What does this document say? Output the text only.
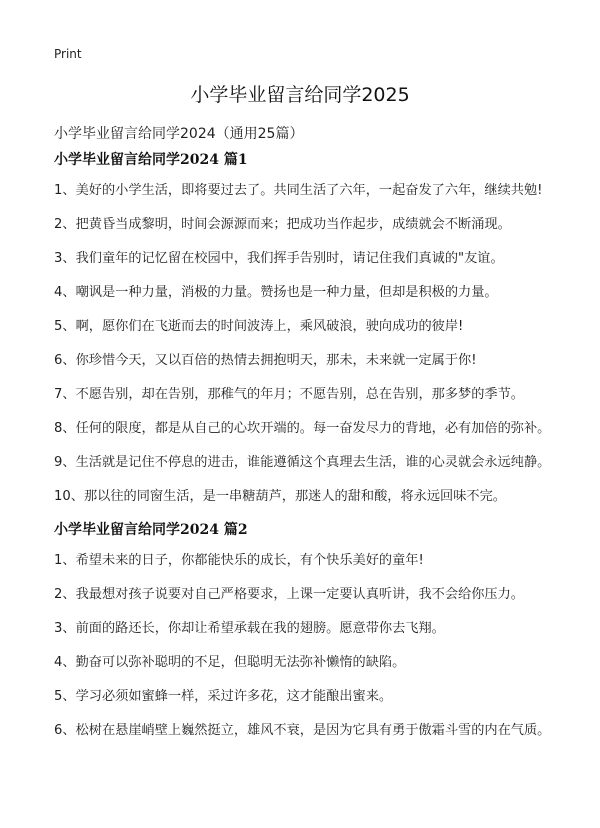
Print
小学毕业留言给同学2025
小学毕业留言给同学2024（通用25篇）

小学毕业留言给同学2024 篇1

1、美好的小学生活，即将要过去了。共同生活了六年，一起奋发了六年，继续共勉!

2、把黄昏当成黎明，时间会源源而来；把成功当作起步，成绩就会不断涌现。

3、我们童年的记忆留在校园中，我们挥手告别时，请记住我们真诚的"友谊。

4、嘲讽是一种力量，消极的力量。赞扬也是一种力量，但却是积极的力量。

5、啊，愿你们在飞逝而去的时间波涛上，乘风破浪，驶向成功的彼岸!

6、你珍惜今天，又以百倍的热情去拥抱明天，那未，未来就一定属于你!

7、不愿告别，却在告别，那稚气的年月；不愿告别，总在告别，那多梦的季节。

8、任何的限度，都是从自己的心坎开端的。每一奋发尽力的背地，必有加倍的弥补。

9、生活就是记住不停息的进击，谁能遵循这个真理去生活，谁的心灵就会永远纯静。

10、那以往的同窗生活，是一串糖葫芦，那迷人的甜和酸，将永远回味不完。

小学毕业留言给同学2024 篇2

1、希望未来的日子，你都能快乐的成长，有个快乐美好的童年!

2、我最想对孩子说要对自己严格要求，上课一定要认真听讲，我不会给你压力。

3、前面的路还长，你却让希望承载在我的翅膀。愿意带你去飞翔。

4、勤奋可以弥补聪明的不足，但聪明无法弥补懒惰的缺陷。

5、学习必须如蜜蜂一样，采过许多花，这才能酿出蜜来。

6、松树在悬崖峭壁上巍然挺立，雄风不衰，是因为它具有勇于傲霜斗雪的内在气质。
